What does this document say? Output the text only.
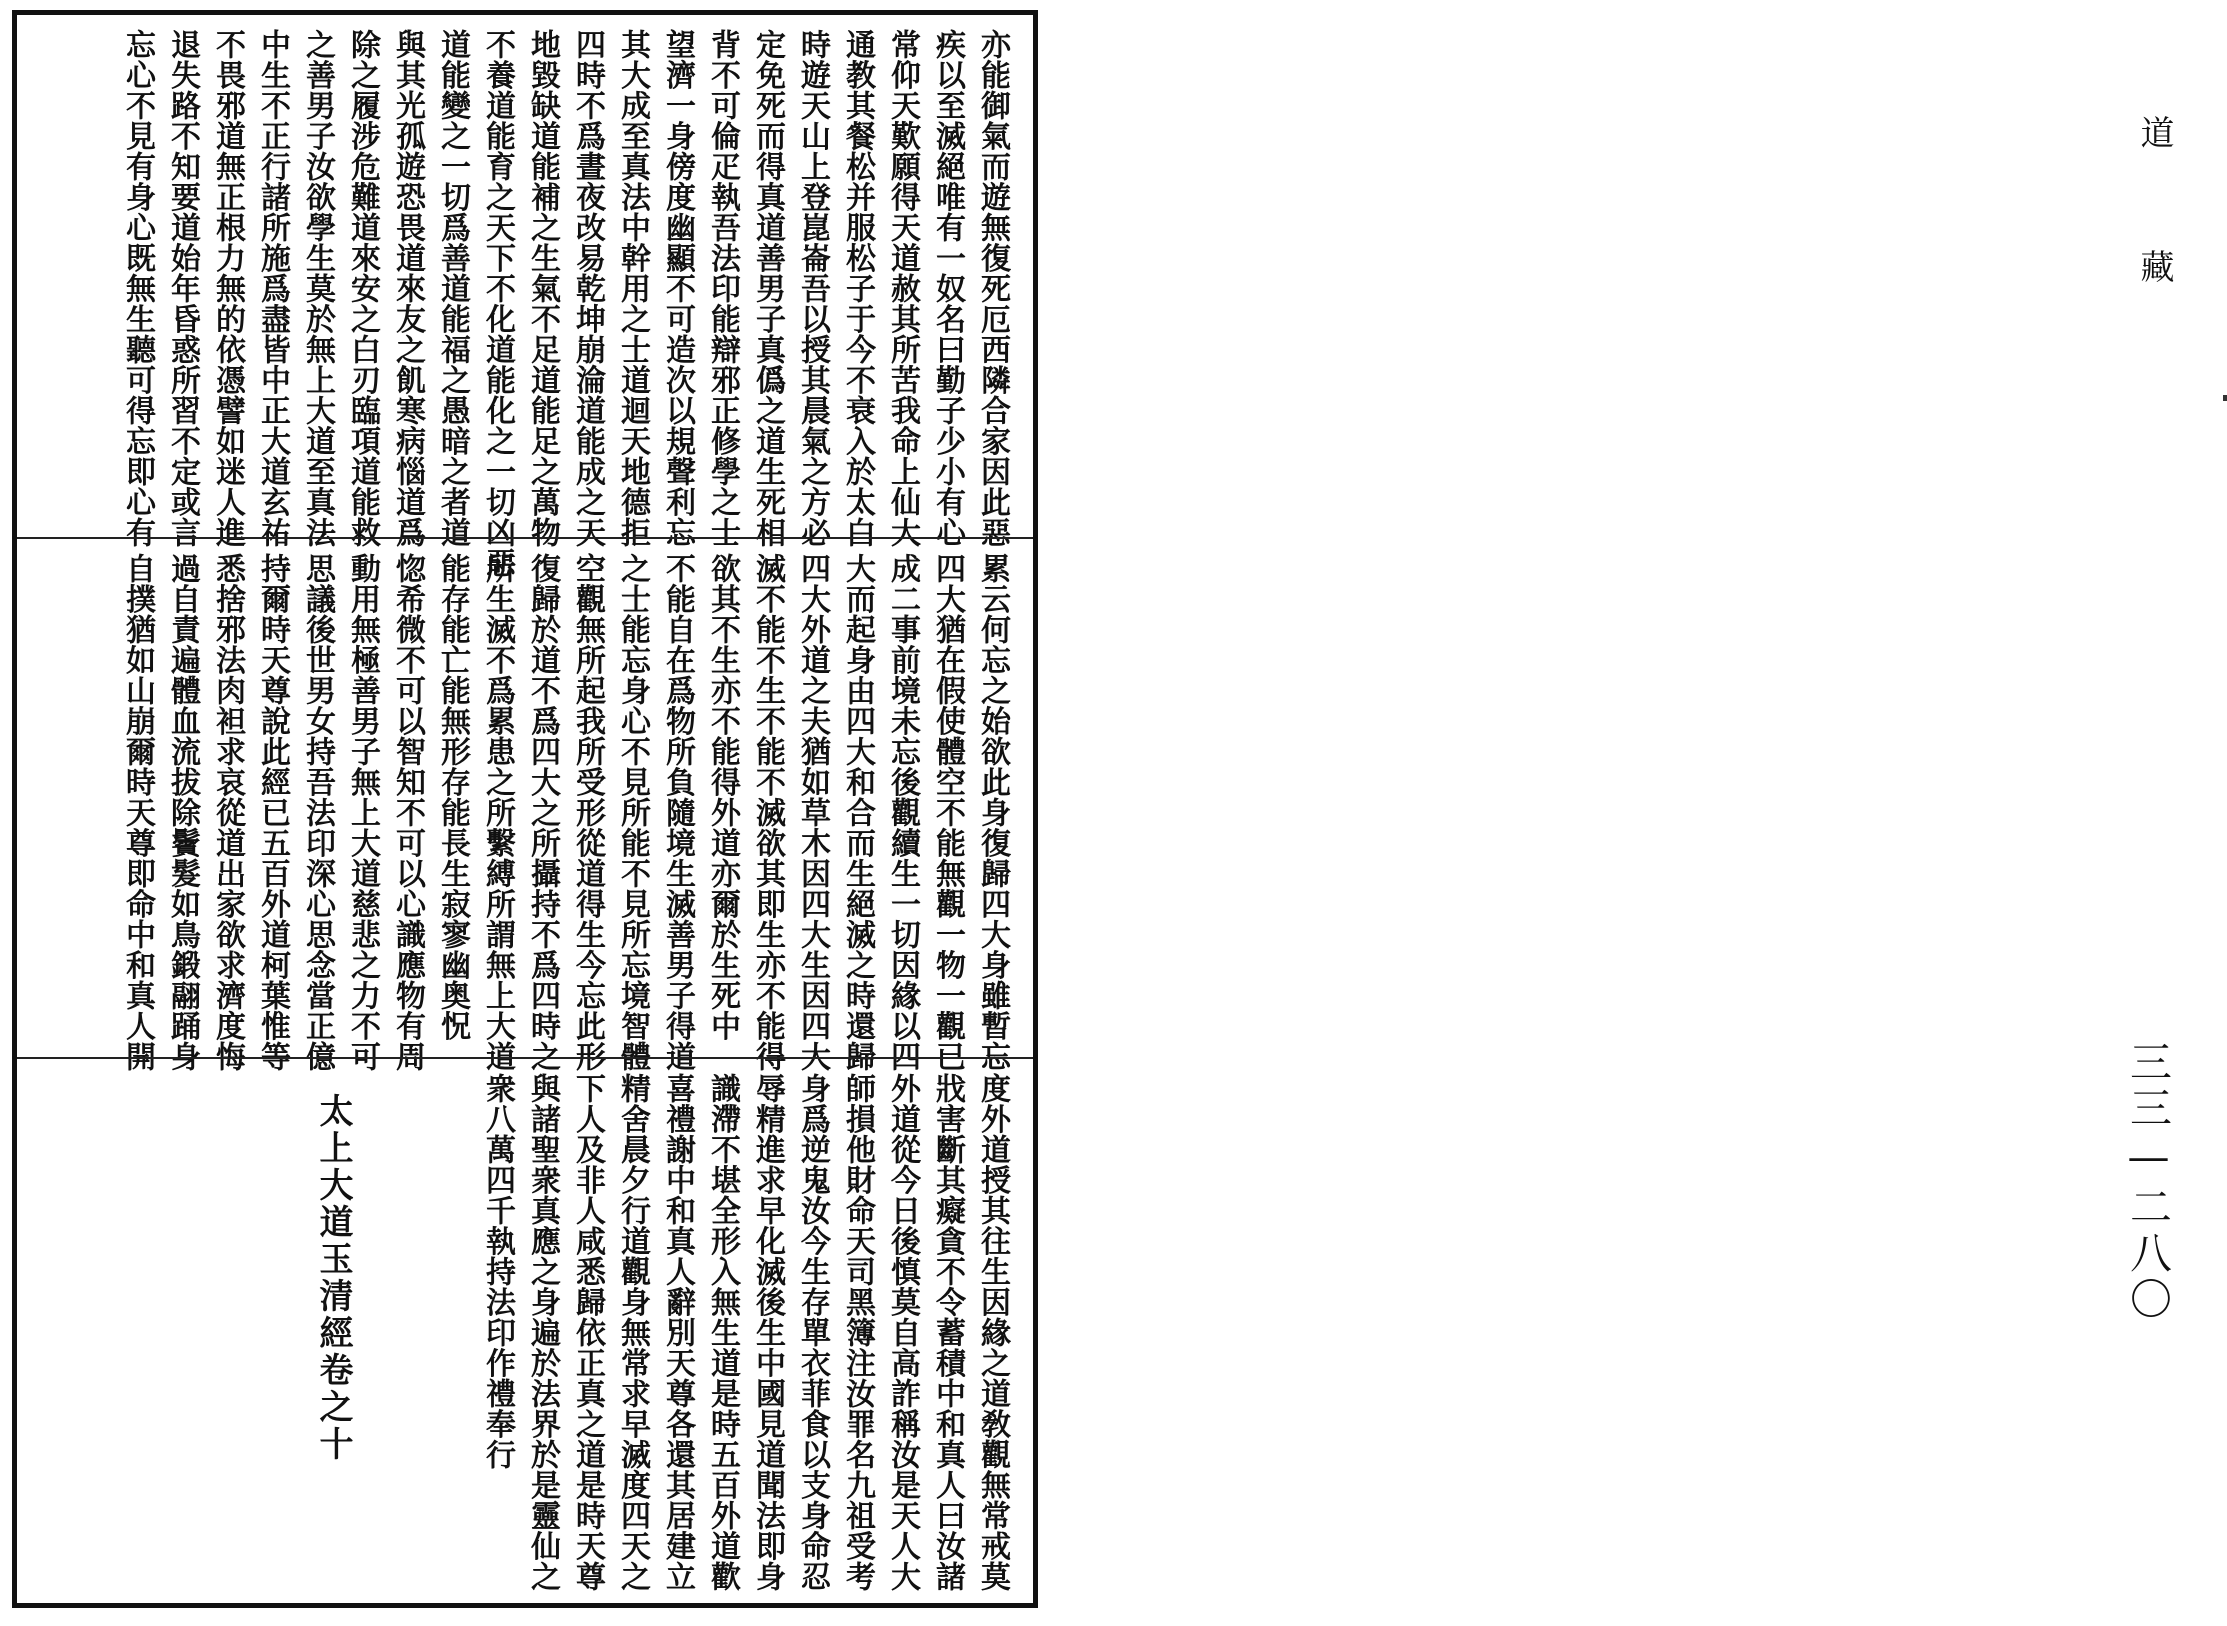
亦能御氣而遊無復死厄西隣合家因此惡
疾以至滅絕唯有一奴名曰勤子少小有心
常仰天歎願得天道赦其所苦我命上仙大
通教其餐松并服松子于今不衰入於太白
時遊天山上登崑崙吾以授其晨氣之方必
定免死而得真道善男子真僞之道生死相
背不可倫疋執吾法印能辯邪正修學之士
望濟一身傍度幽顯不可造次以規聲利忘
其大成至真法中幹用之士道迴天地德拒
四時不爲晝夜改易乾坤崩淪道能成之天
地毀缺道能補之生氣不足道能足之萬物
不養道能育之天下不化道能化之一切凶惡
道能變之一切爲善道能福之愚暗之者道
與其光孤遊恐畏道來友之飢寒病惱道爲
除之履涉危難道來安之白刃臨項道能救
之善男子汝欲學生莫於無上大道至真法
中生不正行諸所施爲盡皆中正大道玄祐
不畏邪道無正根力無的依憑譬如迷人進
退失路不知要道始年昏惑所習不定或言
忘心不見有身心既無生聽可得忘即心有
累云何忘之始欲此身復歸四大身雖暫忘
四大猶在假使體空不能無觀一物一觀已
成二事前境未忘後觀續生一切因緣以四
大而起身由四大和合而生絕滅之時還歸
四大外道之夫猶如草木因四大生因四大
滅不能不生不能不滅欲其即生亦不能得
欲其不生亦不能得外道亦爾於生死中
不能自在爲物所負隨境生滅善男子得道
之士能忘身心不見所能不見所忘境智體
空觀無所起我所受形從道得生今忘此形
復歸於道不爲四大之所攝持不爲四時之
所生滅不爲累患之所繫縛所謂無上大道
能存能亡能無形存能長生寂寥幽奥怳
惚希微不可以智知不可以心識應物有周
動用無極善男子無上大道慈悲之力不可
思議後世男女持吾法印深心思念當正億
持爾時天尊說此經已五百外道柯葉惟等
悉捨邪法肉袒求哀從道出家欲求濟度悔
過自責遍體血流拔除鬢髮如鳥鍛翮踊身
自撲猶如山崩爾時天尊即命中和真人開
度外道授其往生因緣之道敎觀無常戒莫
戕害斷其癡貪不令蓄積中和真人曰汝諸
外道從今日後慎莫自高詐稱汝是天人大
師損他財命天司黑簿注汝罪名九祖受考
身爲逆鬼汝今生存單衣菲食以支身命忍
辱精進求早化滅後生中國見道聞法即身
識滯不堪全形入無生道是時五百外道歡
喜禮謝中和真人辭別天尊各還其居建立
精舍晨夕行道觀身無常求早滅度四天之
下人及非人咸悉歸依正真之道是時天尊
與諸聖衆真應之身遍於法界於是靈仙之
衆八萬四千執持法印作禮奉行
太上大道玉清經卷之十
道藏
三三—二八〇
